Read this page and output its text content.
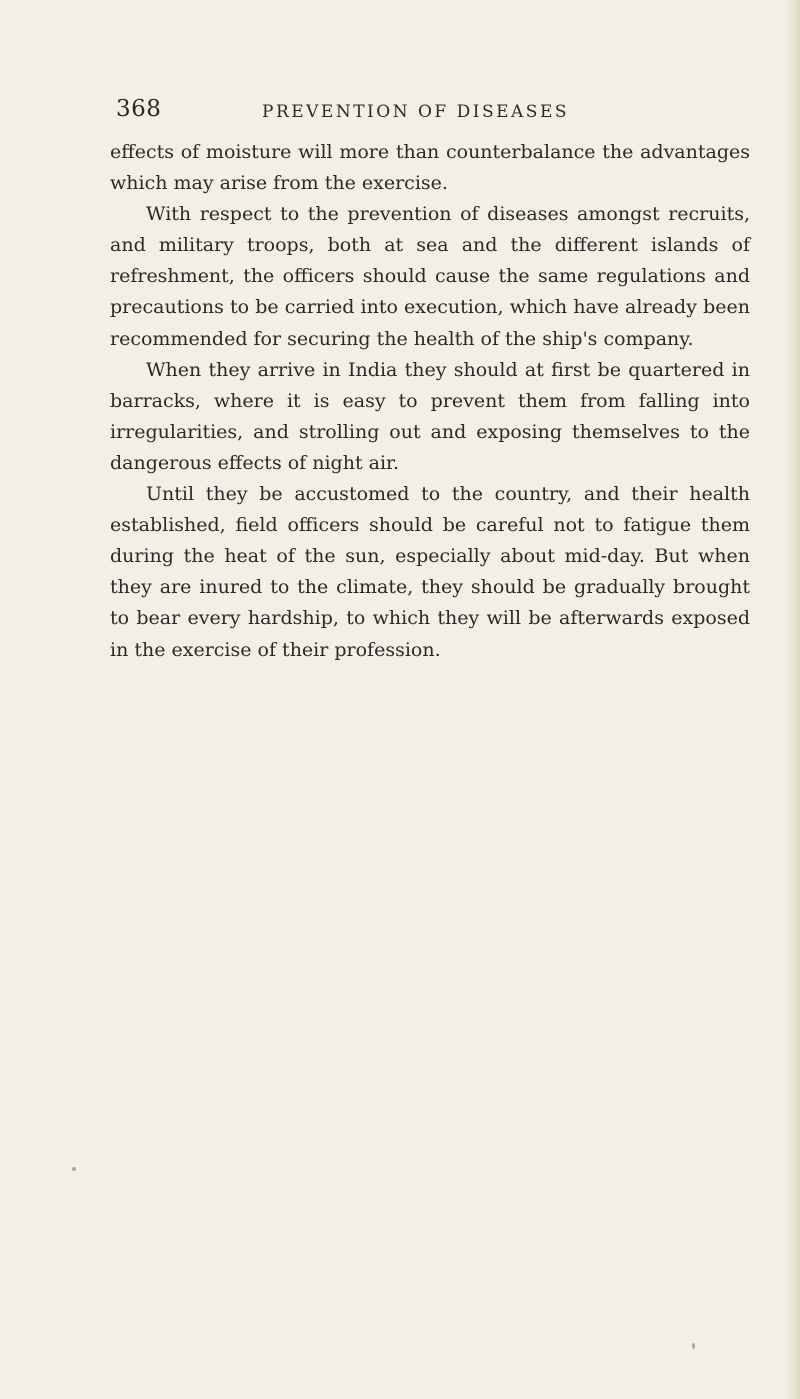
368	PREVENTION OF DISEASES

effects of moisture will more than counterbalance the advantages which may arise from the exercise.

With respect to the prevention of diseases amongst recruits, and military troops, both at sea and the different islands of refreshment, the officers should cause the same regulations and precautions to be carried into execution, which have already been recommended for securing the health of the ship's company.

When they arrive in India they should at first be quartered in barracks, where it is easy to prevent them from falling into irregularities, and strolling out and exposing themselves to the dangerous effects of night air.

Until they be accustomed to the country, and their health established, field officers should be careful not to fatigue them during the heat of the sun, especially about mid-day. But when they are inured to the climate, they should be gradually brought to bear every hardship, to which they will be afterwards exposed in the exercise of their profession.
